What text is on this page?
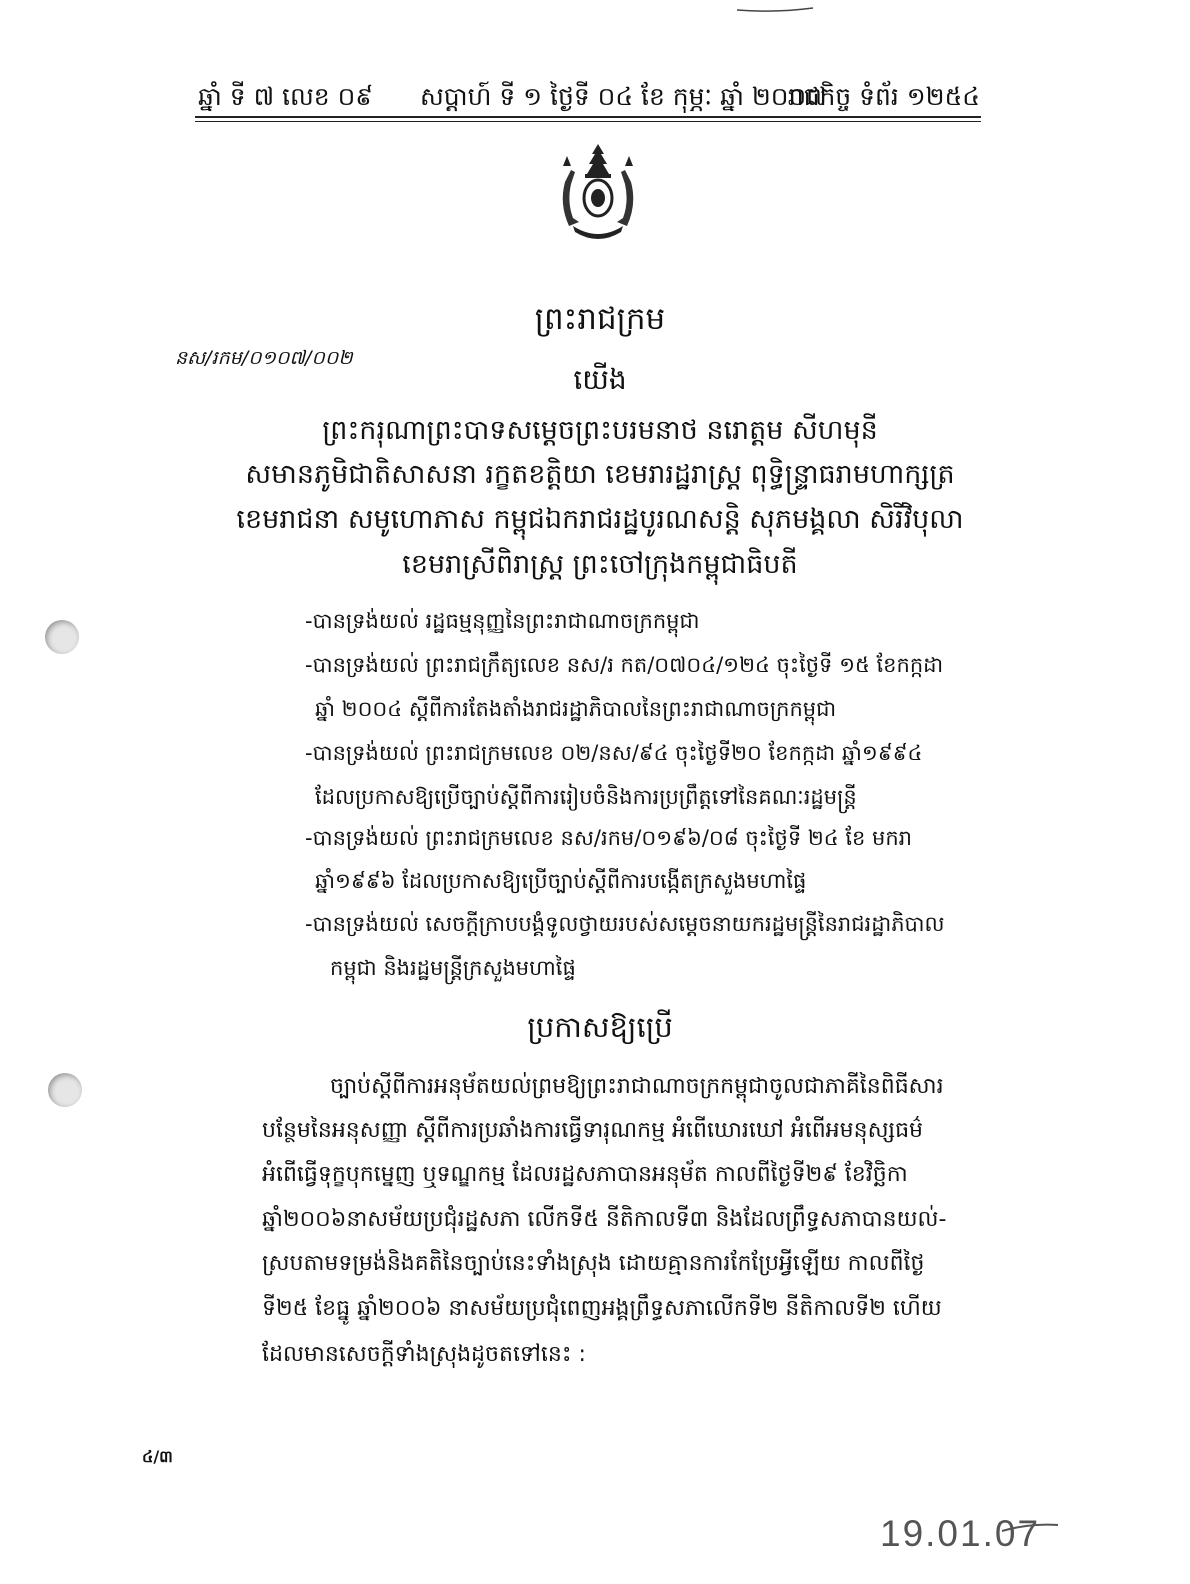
ឆ្នាំ ទី ៧ លេខ ០៩ សប្តាហ៍ ទី ១ ថ្ងៃទី ០៤ ខែ កុម្ភៈ ឆ្នាំ ២០០៧
រាជកិច្ច ទំព័រ ១២៥៤
ព្រះរាជក្រម
នស/រកម/០១០៧/០០២
យើង
ព្រះករុណាព្រះបាទសម្តេចព្រះបរមនាថ នរោត្តម សីហមុនី
សមានភូមិជាតិសាសនា រក្ខតខត្តិយា ខេមរារដ្ឋរាស្ត្រ ពុទ្ធិន្ទ្រាធរាមហាក្សត្រ
ខេមរាជនា សមូហោភាស កម្ពុជឯករាជរដ្ឋបូរណសន្តិ សុភមង្គលា សិរីវិបុលា
ខេមរាស្រីពិរាស្ត្រ ព្រះចៅក្រុងកម្ពុជាធិបតី
-បានទ្រង់យល់ រដ្ឋធម្មនុញ្ញនៃព្រះរាជាណាចក្រកម្ពុជា
-បានទ្រង់យល់ ព្រះរាជក្រឹត្យលេខ នស/រ កត/០៧០៤/១២៤ ចុះថ្ងៃទី ១៥ ខែកក្កដា
ឆ្នាំ ២០០៤ ស្តីពីការតែងតាំងរាជរដ្ឋាភិបាលនៃព្រះរាជាណាចក្រកម្ពុជា
-បានទ្រង់យល់ ព្រះរាជក្រមលេខ ០២/នស/៩៤ ចុះថ្ងៃទី២០ ខែកក្កដា ឆ្នាំ១៩៩៤
ដែលប្រកាសឱ្យប្រើច្បាប់ស្តីពីការរៀបចំនិងការប្រព្រឹត្តទៅនៃគណៈរដ្ឋមន្ត្រី
-បានទ្រង់យល់ ព្រះរាជក្រមលេខ នស/រកម/០១៩៦/០៨ ចុះថ្ងៃទី ២៤ ខែ មករា
ឆ្នាំ១៩៩៦ ដែលប្រកាសឱ្យប្រើច្បាប់ស្តីពីការបង្កើតក្រសួងមហាផ្ទៃ
-បានទ្រង់យល់ សេចក្តីក្រាបបង្គំទូលថ្វាយរបស់សម្តេចនាយករដ្ឋមន្ត្រីនៃរាជរដ្ឋាភិបាល
កម្ពុជា និងរដ្ឋមន្ត្រីក្រសួងមហាផ្ទៃ
ប្រកាសឱ្យប្រើ
ច្បាប់ស្តីពីការអនុម័តយល់ព្រមឱ្យព្រះរាជាណាចក្រកម្ពុជាចូលជាភាគីនៃពិធីសារ
បន្ថែមនៃអនុសញ្ញា ស្តីពីការប្រឆាំងការធ្វើទារុណកម្ម អំពើឃោរឃៅ អំពើអមនុស្សធម៌
អំពើធ្វើទុក្ខបុកម្នេញ ឬទណ្ឌកម្ម ដែលរដ្ឋសភាបានអនុម័ត កាលពីថ្ងៃទី២៩ ខែវិច្ឆិកា
ឆ្នាំ២០០៦នាសម័យប្រជុំរដ្ឋសភា លើកទី៥ នីតិកាលទី៣ និងដែលព្រឹទ្ធសភាបានយល់-
ស្របតាមទម្រង់និងគតិនៃច្បាប់នេះទាំងស្រុង ដោយគ្មានការកែប្រែអ្វីឡើយ កាលពីថ្ងៃ
ទី២៥ ខែធ្នូ ឆ្នាំ២០០៦ នាសម័យប្រជុំពេញអង្គព្រឹទ្ធសភាលើកទី២ នីតិកាលទី២ ហើយ
ដែលមានសេចក្តីទាំងស្រុងដូចតទៅនេះ :
៤/៣
19.01.07
